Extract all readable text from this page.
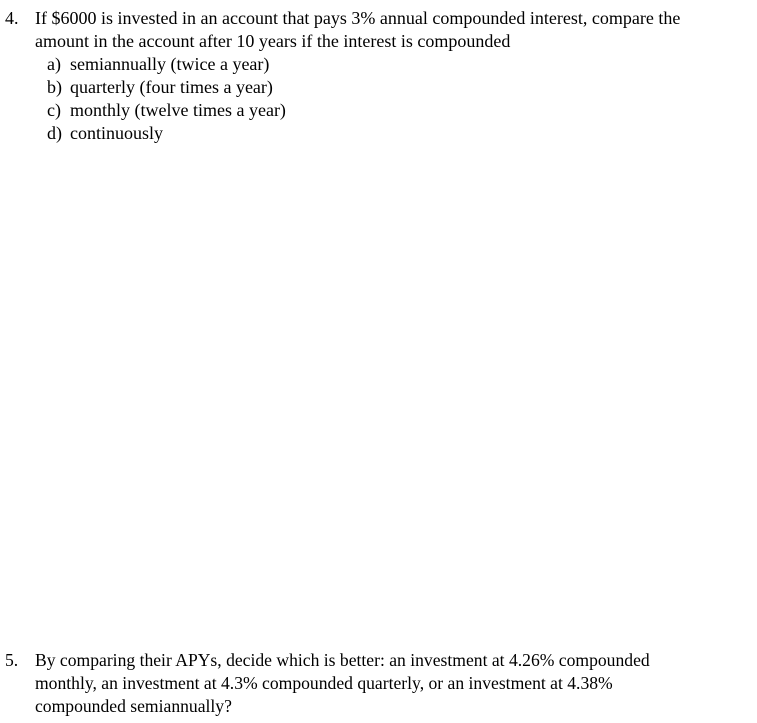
4. If $6000 is invested in an account that pays 3% annual compounded interest, compare the
amount in the account after 10 years if the interest is compounded
a) semiannually (twice a year)
b) quarterly (four times a year)
c) monthly (twelve times a year)
d) continuously
5. By comparing their APYs, decide which is better: an investment at 4.26% compounded
monthly, an investment at 4.3% compounded quarterly, or an investment at 4.38%
compounded semiannually?
